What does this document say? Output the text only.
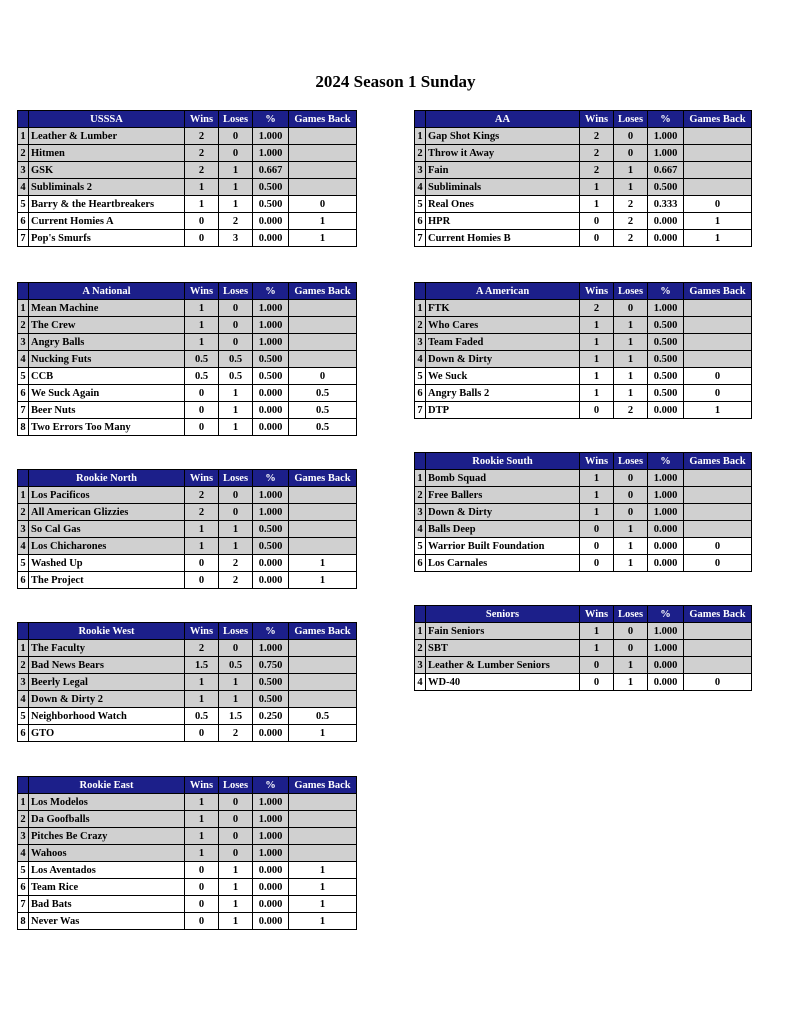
2024 Season 1 Sunday
	USSSA	Wins	Loses	%	Games Back
1	Leather & Lumber	2	0	1.000	
2	Hitmen	2	0	1.000	
3	GSK	2	1	0.667	
4	Subliminals 2	1	1	0.500	
5	Barry & the Heartbreakers	1	1	0.500	0
6	Current Homies A	0	2	0.000	1
7	Pop's Smurfs	0	3	0.000	1
	AA	Wins	Loses	%	Games Back
1	Gap Shot Kings	2	0	1.000	
2	Throw it Away	2	0	1.000	
3	Fain	2	1	0.667	
4	Subliminals	1	1	0.500	
5	Real Ones	1	2	0.333	0
6	HPR	0	2	0.000	1
7	Current Homies B	0	2	0.000	1
	A National	Wins	Loses	%	Games Back
1	Mean Machine	1	0	1.000	
2	The Crew	1	0	1.000	
3	Angry Balls	1	0	1.000	
4	Nucking Futs	0.5	0.5	0.500	
5	CCB	0.5	0.5	0.500	0
6	We Suck Again	0	1	0.000	0.5
7	Beer Nuts	0	1	0.000	0.5
8	Two Errors Too Many	0	1	0.000	0.5
	A American	Wins	Loses	%	Games Back
1	FTK	2	0	1.000	
2	Who Cares	1	1	0.500	
3	Team Faded	1	1	0.500	
4	Down & Dirty	1	1	0.500	
5	We Suck	1	1	0.500	0
6	Angry Balls 2	1	1	0.500	0
7	DTP	0	2	0.000	1
	Rookie South	Wins	Loses	%	Games Back
1	Bomb Squad	1	0	1.000	
2	Free Ballers	1	0	1.000	
3	Down & Dirty	1	0	1.000	
4	Balls Deep	0	1	0.000	
5	Warrior Built Foundation	0	1	0.000	0
6	Los Carnales	0	1	0.000	0
	Rookie North	Wins	Loses	%	Games Back
1	Los Pacificos	2	0	1.000	
2	All American Glizzies	2	0	1.000	
3	So Cal Gas	1	1	0.500	
4	Los Chicharones	1	1	0.500	
5	Washed Up	0	2	0.000	1
6	The Project	0	2	0.000	1
	Seniors	Wins	Loses	%	Games Back
1	Fain Seniors	1	0	1.000	
2	SBT	1	0	1.000	
3	Leather & Lumber Seniors	0	1	0.000	
4	WD-40	0	1	0.000	0
	Rookie West	Wins	Loses	%	Games Back
1	The Faculty	2	0	1.000	
2	Bad News Bears	1.5	0.5	0.750	
3	Beerly Legal	1	1	0.500	
4	Down & Dirty 2	1	1	0.500	
5	Neighborhood Watch	0.5	1.5	0.250	0.5
6	GTO	0	2	0.000	1
	Rookie East	Wins	Loses	%	Games Back
1	Los Modelos	1	0	1.000	
2	Da Goofballs	1	0	1.000	
3	Pitches Be Crazy	1	0	1.000	
4	Wahoos	1	0	1.000	
5	Los Aventados	0	1	0.000	1
6	Team Rice	0	1	0.000	1
7	Bad Bats	0	1	0.000	1
8	Never Was	0	1	0.000	1
